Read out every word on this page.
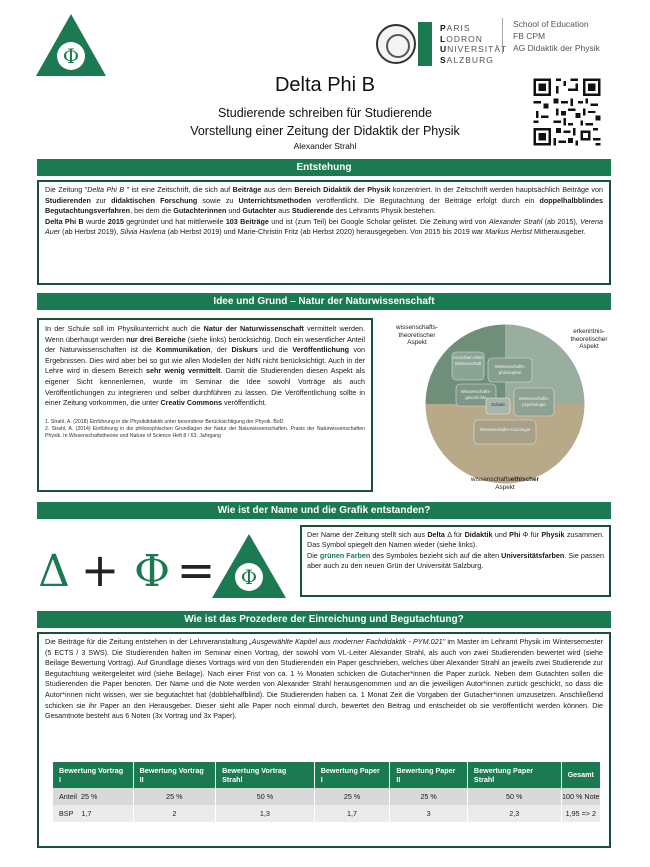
Φ
PARIS
LODRON
UNIVERSITÄT
SALZBURG
School of Education
FB CPM
AG Didaktik der Physik
Delta Phi B
Studierende schreiben für Studierende
Vorstellung einer Zeitung der Didaktik der Physik
Alexander Strahl
Entstehung
Die Zeitung "Delta Phi B " ist eine Zeitschrift, die sich auf Beiträge aus dem Bereich Didaktik der Physik konzentriert. In der Zeitschrift werden hauptsächlich Beiträge von Studierenden zur didaktischen Forschung sowie zu Unterrichtsmethoden veröffentlicht. Die Begutachtung der Beiträge erfolgt durch ein doppelhalbblindes Begutachtungsverfahren, bei dem die Gutachterinnen und Gutachter aus Studierende des Lehramts Physik bestehen.
Delta Phi B wurde 2015 gegründet und hat mittlerweile 103 Beiträge und ist (zum Teil) bei Google Scholar gelistet. Die Zeitung wird von Alexander Strahl (ab 2015), Verena Auer (ab Herbst 2019), Silvia Havlena (ab Herbst 2019) und Marie-Christin Fritz (ab Herbst 2020) herausgegeben. Von 2015 bis 2019 war Markus Herbst Mitherausgeber.
Idee und Grund – Natur der Naturwissenschaft
In der Schule soll im Physikunterricht auch die Natur der Naturwissenschaft vermittelt werden. Wenn überhaupt werden nur drei Bereiche (siehe links) berücksichtig. Doch ein wesentlicher Anteil der Naturwissenschaften ist die Kommunikation, der Diskurs und die Veröffentlichung von Ergebnissen. Dies wird aber bei so gut wie allen Modellen der NdN nicht berücksichtigt. Auch in der Lehre wird in diesem Bereich sehr wenig vermittelt. Damit die Studierenden diesen Aspekt als eigener Sicht kennenlernen, wurde im Seminar die Idee sowohl Vorträge als auch Veröffentlichungen zu integrieren und selber durchführen zu lassen. Die Veröffentlichung sollte in einer Zeitung vorkommen, die unter Creativ Commons veröffentlicht.
1. Strahl, A. (2018) Einführung in die Physikdidaktik unter besonderer Berücksichtigung der Physik. BoD
2. Strahl, A. (2014) Einführung in die philosophischen Grundlagen der Natur der Naturwissenschaften. Praxis der Naturwissenschaften Physik. In Wissenschaftstheorie und Nature of Science Heft 8 / 63. Jahrgang
wissenschafts-
theoretischer
Aspekt
erkenntnis-
theoretischer
Aspekt
wissenschaftsethischer
Aspekt
Ansichten über Wissenschaft
Wissenschafts-philosophie
Wissenschafts-geschichte
Schule
Wissenschafts-psychologie
Wissenschafts-soziologie
Wie ist der Name und die Grafik entstanden?
Δ + Φ = Φ
Der Name der Zeitung stellt sich aus Delta Δ für Didaktik und Phi Φ für Physik zusammen. Das Symbol spiegelt den Namen wieder (siehe links).
Die grünen Farben des Symboles bezieht sich auf die alten Universitätsfarben. Sie passen aber auch zu den neuen Grün der Universität Salzburg.
Wie ist das Prozedere der Einreichung und Begutachtung?
Die Beiträge für die Zeitung entstehen in der Lehrveranstaltung „Ausgewählte Kapitel aus moderner Fachdidaktik - PYM.021" im Master im Lehramt Physik im Wintersemester (5 ECTS / 3 SWS). Die Studierenden halten im Seminar einen Vortrag, der sowohl vom VL-Leiter Alexander Strahl, als auch von zwei Studierenden bewertet wird (siehe Beilage Bewertung Vortrag). Auf Grundlage dieses Vortrags wird von den Studierenden ein Paper geschrieben, welches über Alexander Strahl an jeweils zwei Studierende zur Begutachtung weitergeleitet wird (siehe Beilage). Nach einer Frist von ca. 1 ½ Monaten schicken die Gutacher*innen die Paper zurück. Neben dem Gutachten sollen die Studierenden die Paper benoten. Der Name und die Note werden von Alexander Strahl herausgenommen und an die jeweiligen Autor*innen zurück geschickt, so dass die Autor*innen nicht wissen, wer sie begutachtet hat (dobblehalfblind). Die Studierenden haben ca. 1 Monat Zeit die Vorgaben der Gutacher*innen umzusetzen. Anschließend schicken sie ihr Paper an den Herausgeber. Dieser sieht alle Paper noch einmal durch, bewertet den Beitrag und entscheidet ob sie veröffentlicht werden können. Die Gesamtnote besteht aus 6 Noten (3x Vortrag und 3x Paper).
Bewertung Vortrag I	Bewertung Vortrag II	Bewertung Vortrag Strahl	Bewertung Paper I	Bewertung Paper II	Bewertung Paper Strahl	Gesamt
Anteil 25 %	25 %	50 %	25 %	25 %	50 %	100 % Note
BSP 1,7	2	1,3	1,7	3	2,3	1,95 => 2
